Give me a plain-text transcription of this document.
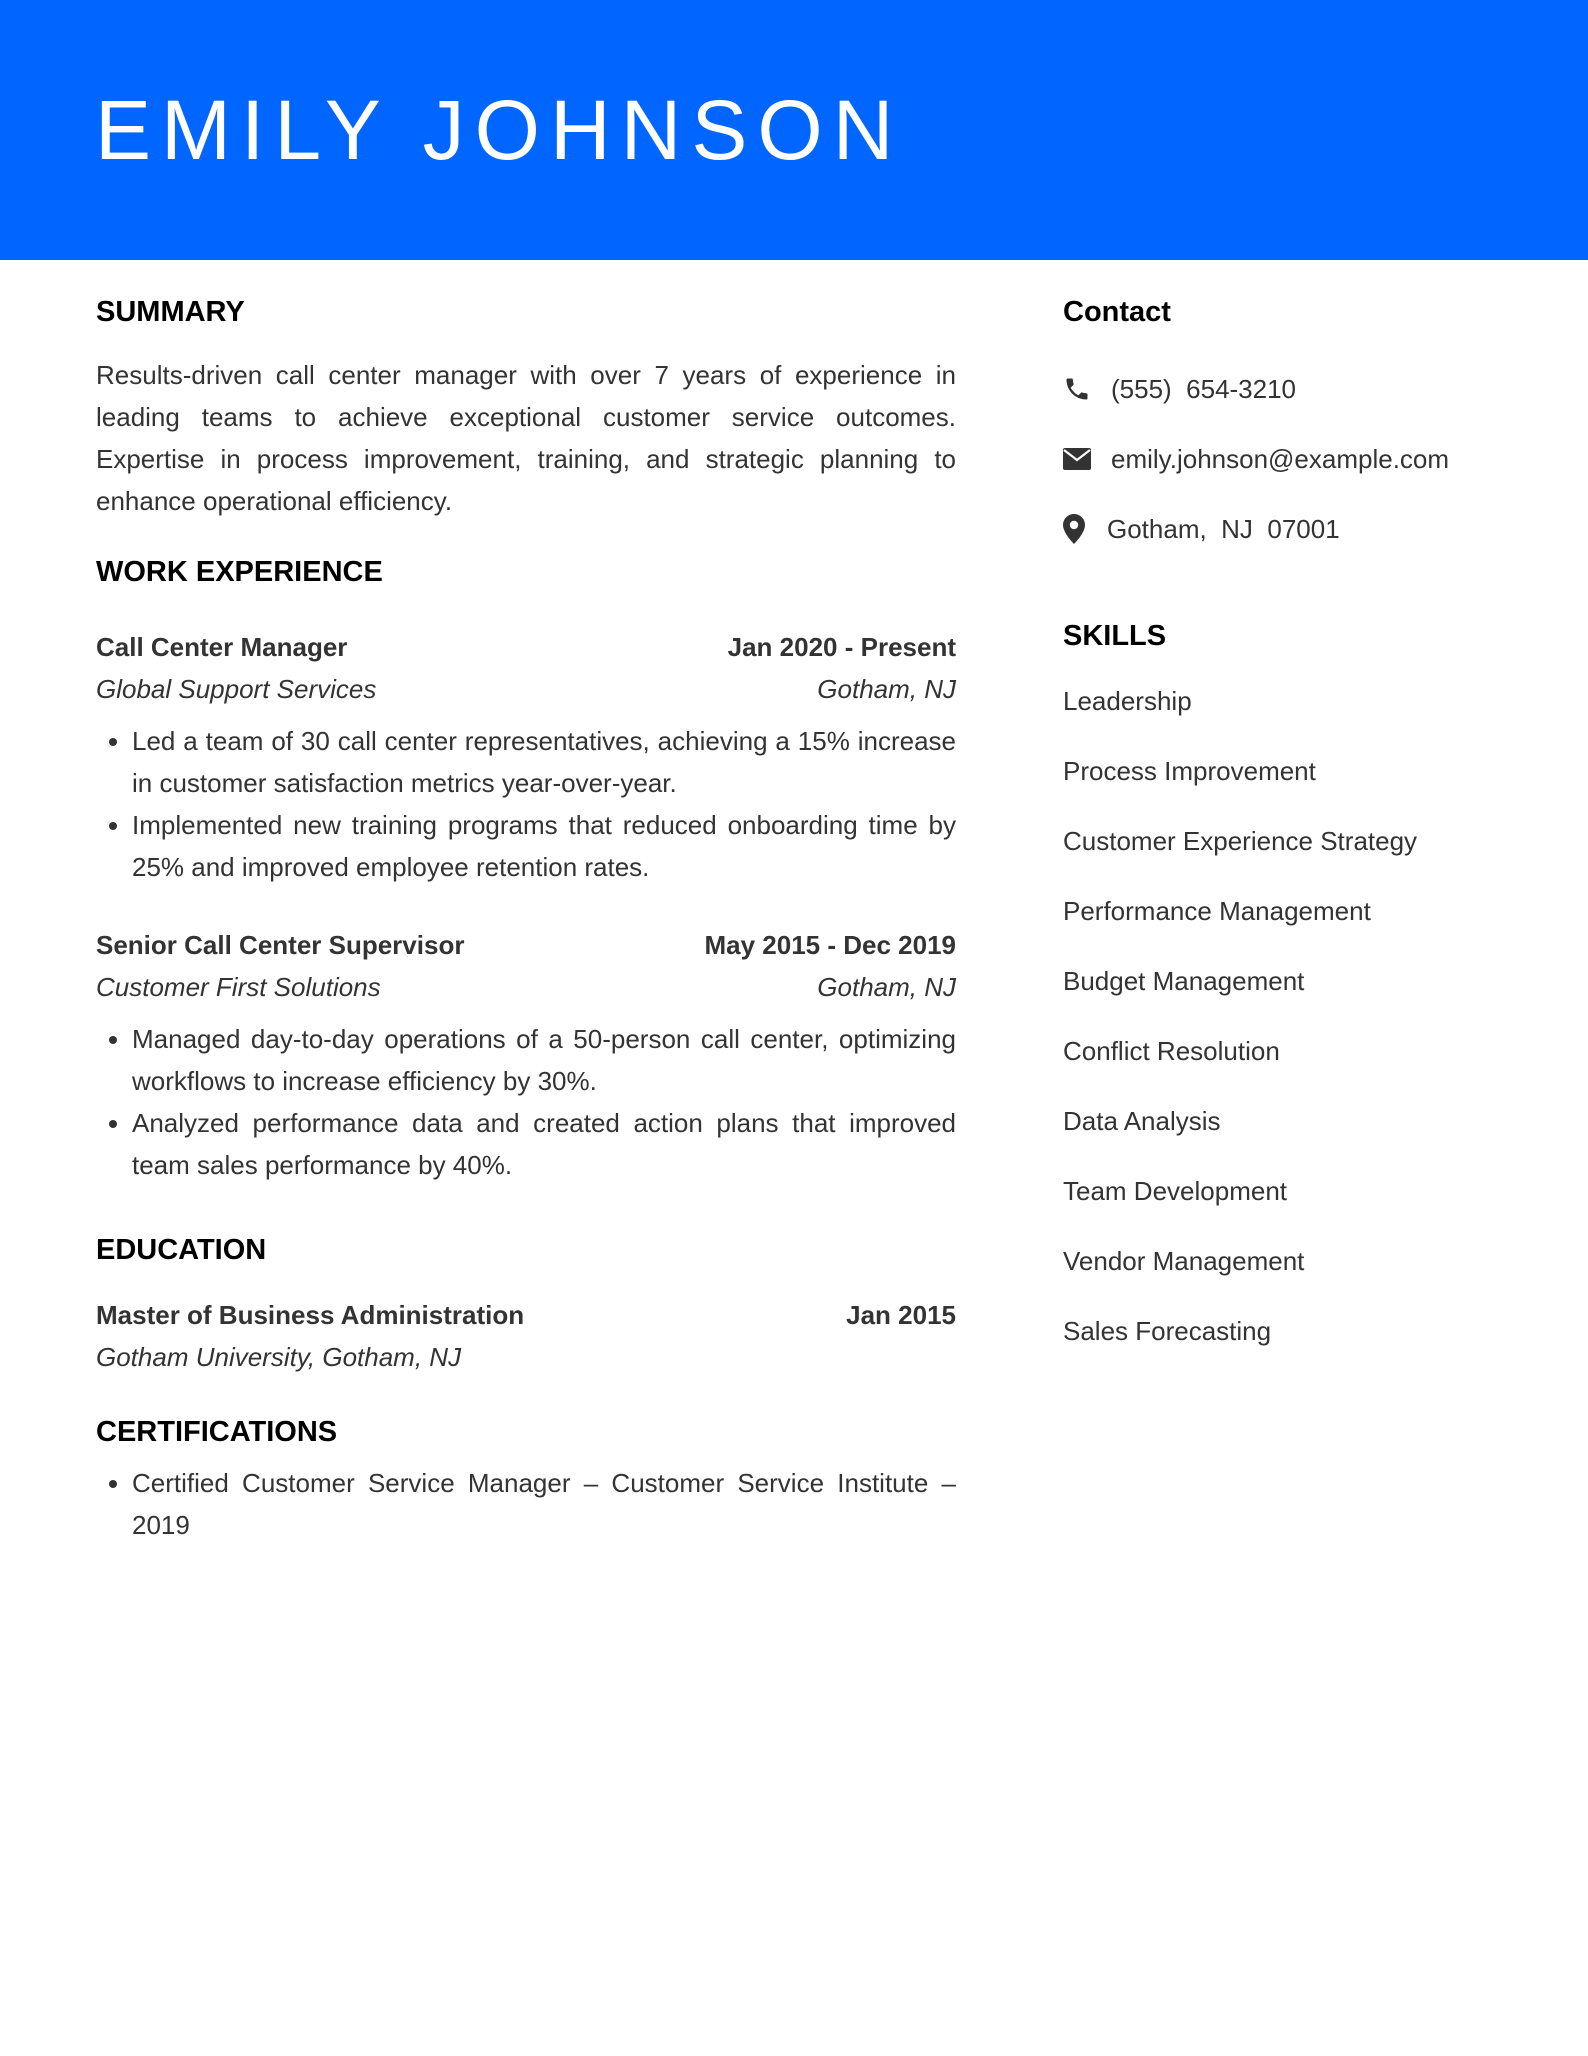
EMILY JOHNSON
SUMMARY

Results-driven call center manager with over 7 years of experience in leading teams to achieve exceptional customer service outcomes. Expertise in process improvement, training, and strategic planning to enhance operational efficiency.

WORK EXPERIENCE
Call Center Manager	Jan 2020 - Present
Global Support Services	Gotham, NJ
• Led a team of 30 call center representatives, achieving a 15% increase in customer satisfaction metrics year-over-year.
• Implemented new training programs that reduced onboarding time by 25% and improved employee retention rates.
Senior Call Center Supervisor	May 2015 - Dec 2019
Customer First Solutions	Gotham, NJ
• Managed day-to-day operations of a 50-person call center, optimizing workflows to increase efficiency by 30%.
• Analyzed performance data and created action plans that improved team sales performance by 40%.
EDUCATION
Master of Business Administration	Jan 2015
Gotham University, Gotham, NJ
CERTIFICATIONS
• Certified Customer Service Manager – Customer Service Institute – 2019
Contact
(555)  654-3210
emily.johnson@example.com
Gotham,  NJ  07001
SKILLS
Leadership
Process Improvement
Customer Experience Strategy
Performance Management
Budget Management
Conflict Resolution
Data Analysis
Team Development
Vendor Management
Sales Forecasting
